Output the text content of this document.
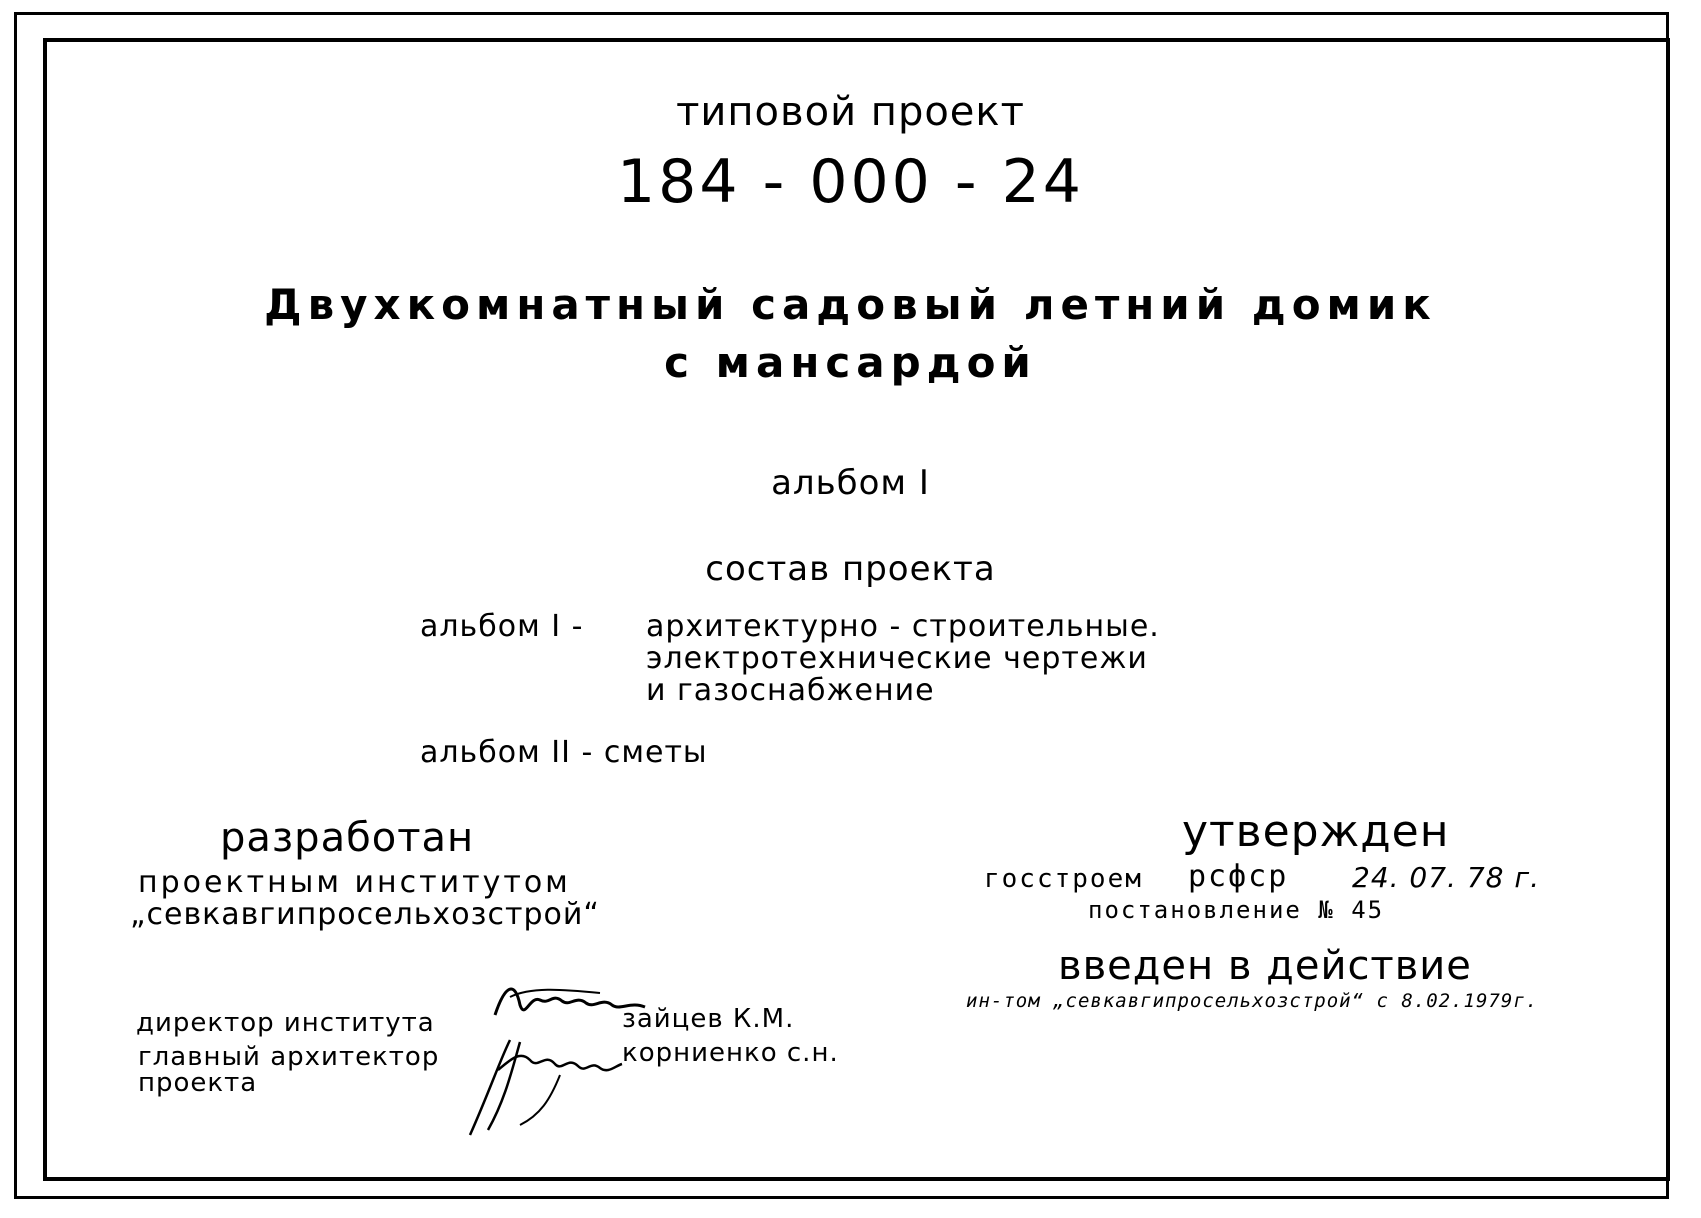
типовой проект
184 - 000 - 24
Двухкомнатный садовый летний домик
с мансардой
альбом I
состав проекта
альбом I - архитектурно - строительные.
электротехнические чертежи
и газоснабжение
альбом II - сметы
разработан
проектным институтом
„севкавгипросельхозстрой“
утвержден
госстроем рсфср 24. 07. 78 г.
постановление № 45
введен в действие
ин-том „севкавгипросельхозстрой“ с 8.02.1979г.
директор института	зайцев К.М.
главный архитектор
проекта
корниенко с.н.
